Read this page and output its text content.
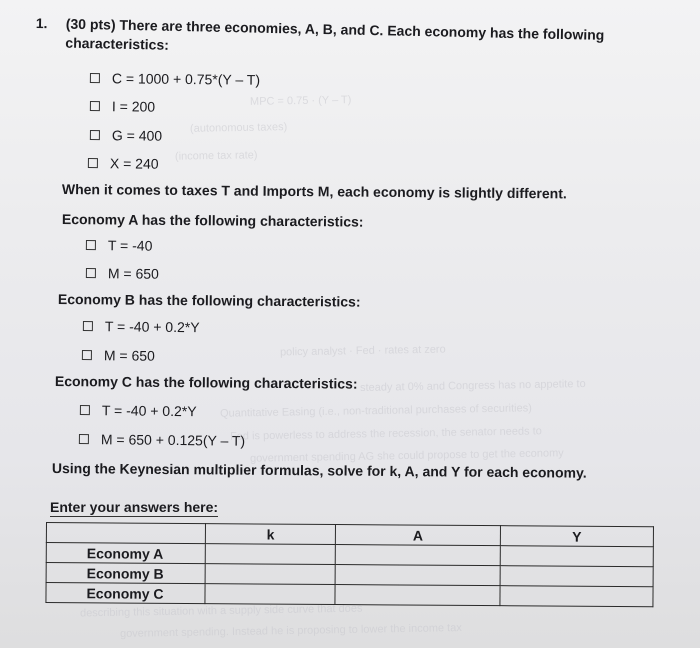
MPC = 0.75 · (Y – T)
(autonomous taxes)
(income tax rate)
policy analyst · Fed · rates at zero
steady at 0% and Congress has no appetite to
Quantitative Easing (i.e., non-traditional purchases of securities)
Fed is powerless to address the recession, the senator needs to
government spending AG she could propose to get the economy
describing this situation with a supply side curve that does
government spending. Instead he is proposing to lower the income tax
1. (30 pts) There are three economies, A, B, and C. Each economy has the following
characteristics:
C = 1000 + 0.75*(Y – T)
I = 200
G = 400
X = 240
When it comes to taxes T and Imports M, each economy is slightly different.
Economy A has the following characteristics:
T = -40
M = 650
Economy B has the following characteristics:
T = -40 + 0.2*Y
M = 650
Economy C has the following characteristics:
T = -40 + 0.2*Y
M = 650 + 0.125(Y – T)
Using the Keynesian multiplier formulas, solve for k, A, and Y for each economy.
Enter your answers here:
	k	A	Y
Economy A			
Economy B			
Economy C			
